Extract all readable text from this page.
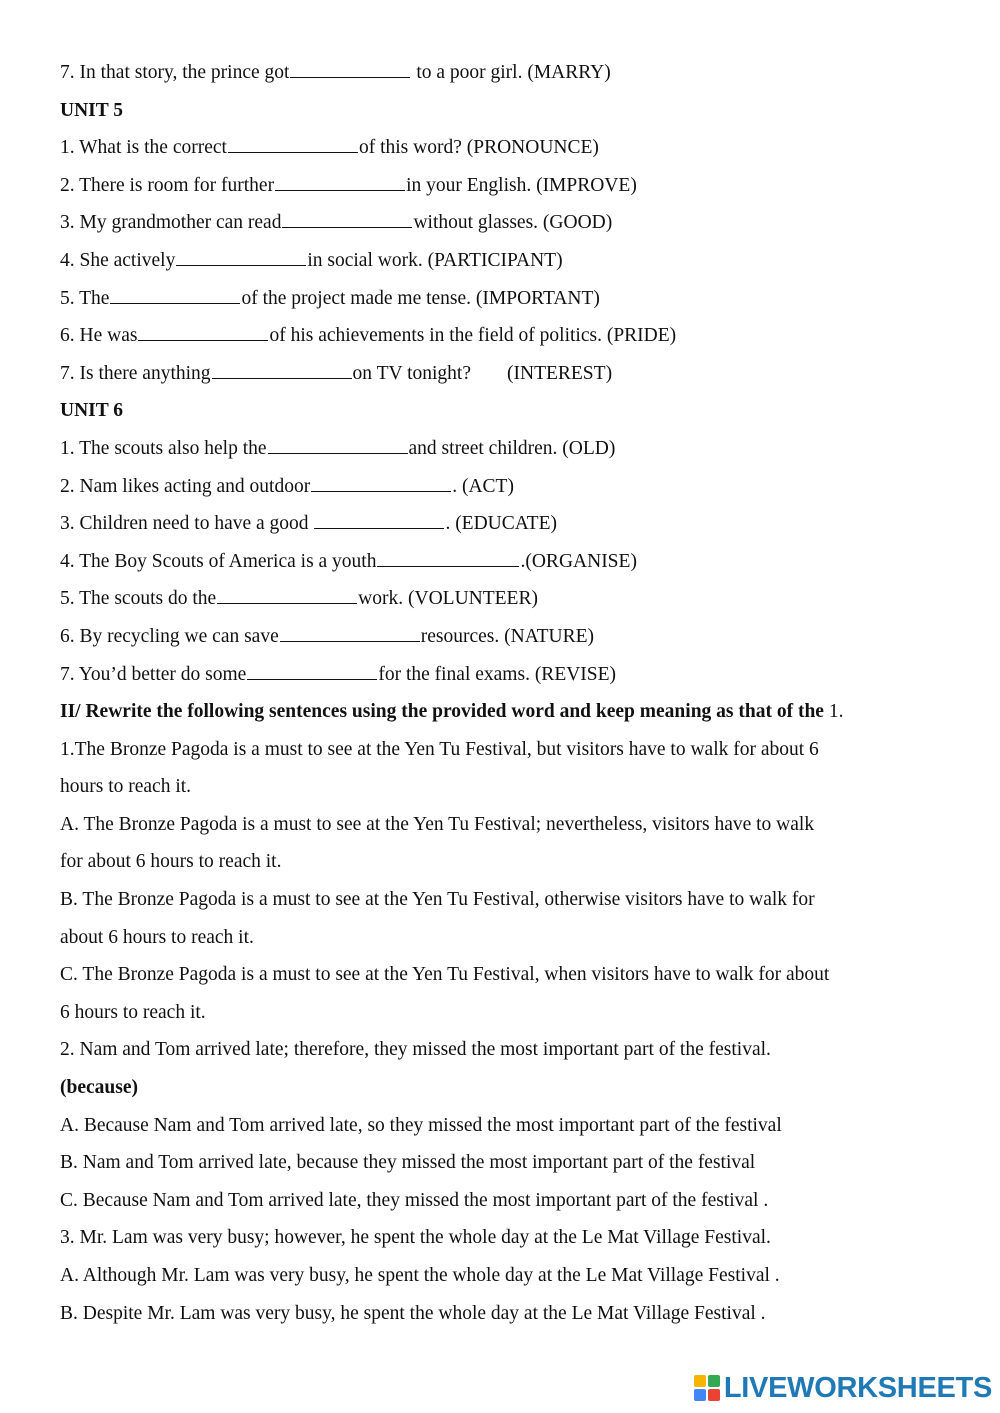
7. In that story, the prince got	to a poor girl. (MARRY)
UNIT 5
1. What is the correct	of this word? (PRONOUNCE)
2. There is room for further	in your English. (IMPROVE)
3. My grandmother can read	without glasses. (GOOD)
4. She actively	in social work. (PARTICIPANT)
5. The	of the project made me tense. (IMPORTANT)
6. He was	of his achievements in the field of politics. (PRIDE)
7. Is there anything	on TV tonight? (INTEREST)
UNIT 6
1. The scouts also help the	and street children. (OLD)
2. Nam likes acting and outdoor	. (ACT)
3. Children need to have a good	. (EDUCATE)
4. The Boy Scouts of America is a youth	.(ORGANISE)
5. The scouts do the	work. (VOLUNTEER)
6. By recycling we can save	resources. (NATURE)
7. You’d better do some	for the final exams. (REVISE)
II/ Rewrite the following sentences using the provided word and keep meaning as that of the 1.
1.The Bronze Pagoda is a must to see at the Yen Tu Festival, but visitors have to walk for about 6
hours to reach it.
A. The Bronze Pagoda is a must to see at the Yen Tu Festival; nevertheless, visitors have to walk
for about 6 hours to reach it.
B. The Bronze Pagoda is a must to see at the Yen Tu Festival, otherwise visitors have to walk for
about 6 hours to reach it.
C. The Bronze Pagoda is a must to see at the Yen Tu Festival, when visitors have to walk for about
6 hours to reach it.
2. Nam and Tom arrived late; therefore, they missed the most important part of the festival.
(because)
A. Because Nam and Tom arrived late, so they missed the most important part of the festival
B. Nam and Tom arrived late, because they missed the most important part of the festival
C. Because Nam and Tom arrived late, they missed the most important part of the festival .
3. Mr. Lam was very busy; however, he spent the whole day at the Le Mat Village Festival.
A. Although Mr. Lam was very busy, he spent the whole day at the Le Mat Village Festival .
B. Despite Mr. Lam was very busy, he spent the whole day at the Le Mat Village Festival .
LIVEWORKSHEETS
